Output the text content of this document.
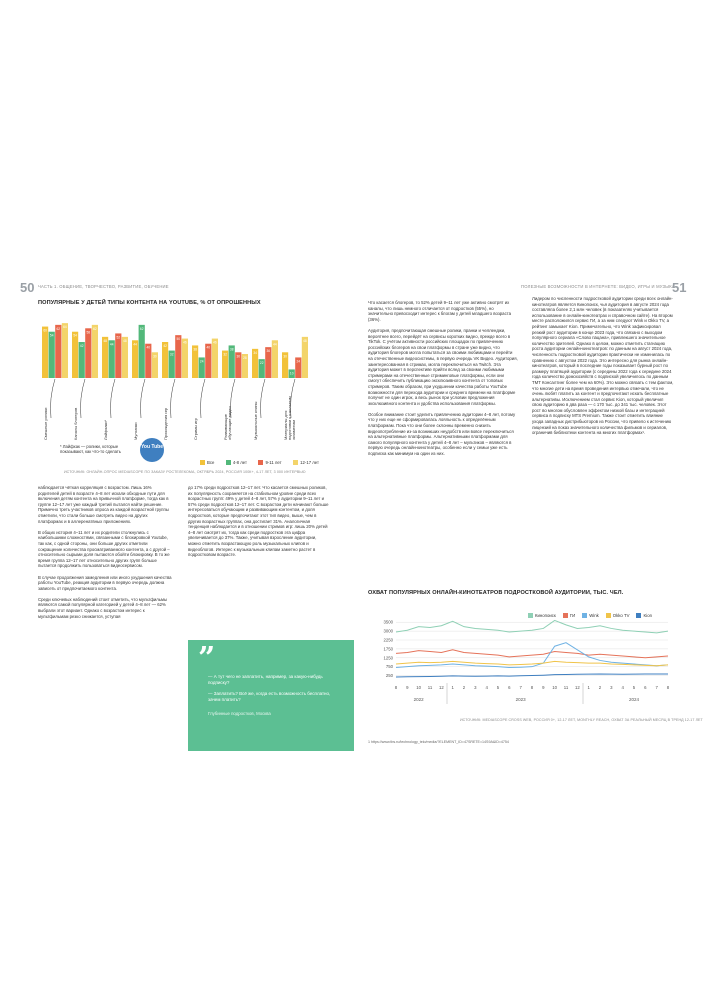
50 ЧАСТЬ 1. ОБЩЕНИЕ, ТВОРЧЕСТВО, РАЗВИТИЕ, ОБУЧЕНИЕ	ПОЛЕЗНЫЕ ВОЗМОЖНОСТИ В ИНТЕРНЕТЕ: ВИДЕО, ИГРЫ И МУЗЫКА
51
ПОПУЛЯРНЫЕ У ДЕТЕЙ ТИПЫ КОНТЕНТА НА YOUTUBE, % ОТ ОПРОШЕННЫХ
60
54
62 64
54
42
58
62
48
44
52
48
44
62
40
30
42
32
50
46
38
24
40
46
32
38
30 28
34
22
36
44
30
10
24
48
Смешные ролики	Каналы блогеров	Лайфхаки*	Мультики	Прохождения игр	Стримы игр	Развивающие обучающие видео	Музыкальные клипы	Материалы для подготовки к школьным экзаменам
You Tube
Все
	4-8 лет
	9-11 лет
	12-17 лет
* Лайфхак — ролики, которые показывают, как что-то сделать
ИСТОЧНИК: ОНЛАЙН-ОПРОС MEDIASCOPE ПО ЗАКАЗУ РОСТЕЛЕКОМА, ОКТЯБРЬ 2024, РОССИЯ 100К+, 4-17 ЛЕТ, 3 000 ИНТЕРВЬЮ

наблюдается чёткая корреляция с возрастом. Лишь 16% родителей детей в возрасте 4–8 лет искали обходные пути для включения детям контента на привычной платформе, тогда как в группе 12–17 лет уже каждый третий пытался найти решение. Примечно треть участников опроса из каждой возрастной группы отметили, что стали больше смотреть видео на других платформах и в аллеренатвных приложениях.

В общих история 4–11 лет и их родители столкнулись с наибольшими сложностями, связанными с блокировкой Youtube, так как, с одной стороны, они больше других отметили сокращение количества просматриваемого контента, а с другой – относительно сырыми доля пытаются обойти блокировку. В то же время группа 12–17 лет относительно других групп больше пытается продолжить пользоваться видеосервисом.

В случае продолжения замедления или иного ухудшения качества работы YouTube, реакция аудитории в первую очередь должна зависеть от предпочитаемого контента.

Среди ключевых наблюдений стоит отметить, что мультфильмы являются самой популярной категорией у детей 4–8 лет — 62% выбрали этот вариант. Однако с возрастом интерес к мультфильмам резко снижается, уступая

до 17% среди подростков 12–17 лет. Что касается смешных роликов, их популярность сохраняется на стабильном уровне среди всех возрастных групп: 49% у детей 4–8 лет, 57% у аудитории 9–11 лет и 57% среди подростков 12–17 лет. С возрастом дети начинают больше интересоваться обучающим и развивающим контентом, и доля подростков, которые предпочитают этот тип видео, выше, чем в других возрастных группах, она достигает 31%. Аналогичная тенденция наблюдается и в отношении стримов игр: лишь 20% детей 4–8 лет смотрят их, тогда как среди подростков эта цифра увеличивается до 37%. Также, учитывая взросление аудитории, можно отметить возрастающую роль музыкальных клипов и видеоблогов. Интерес к музыкальным клипам заметно растет в подростковом возрасте.

”
— А тут чего не заплатить, например, за какую-нибудь подписку?
— Заплатить? Всё же, когда есть возможность бесплатно, зачем платить?
Глубинные подростков, Москва

Что касается блогеров, то 52% детей 9–11 лет уже активно смотрят их каналы, что лишь немного отличается от подростков (55%), но значительно превосходит интерес к блогам у детей младшего возраста (36%).

Аудитория, предпочитающая смешные ролики, пранки и челленджи, вероятнее всего, перейдёт на сервисы коротких видео, прежде всего в TikTok. С учётом активности российских площадок по привлечению российских блогеров на свои платформы в стране уже видно, что аудитория блогеров могла попытаться за своими любимцами и перейти на отечественные видеосистемы, в первую очередь VK Видео. Аудитория, заинтересованная в стримах, могла переключиться на Twitch. Эта аудитория может в перспективе прийти вслед за своими любимыми стримерами на отечественные стриминговые платформы, если они смогут обеспечить публикацию эксклюзивного контента от топовых стримеров. Таким образом, при ухудшении качества работы YouTube возможности для перехода аудитории и среднего времени на платформе получит не один игрок, а весь рынок при условии предложения эксклюзивного контента и удобства использования платформы.

Особое внимание стоит уделить привлечению аудитории 4–8 лет, потому что у них еще не сформировалась лояльность к определённым платформам. Пока что они более склонны временно снизить видеопотребление из-за возникших неудобств или вовсе переключиться на альтернативные платформы. Альтернативными платформами для самого популярного контента у детей 4–8 лет – мультиков – являются в первую очередь онлайн-кинотеатры, особенно если у семьи уже есть подписка как минимум на один из них.

Лидером по численности подростковой аудитории среди всех онлайн-кинотеатров является Кинопоиск, чья аудитория в августе 2024 года составляла более 2,1 млн человек (в показателях учитывается использование в онлайн-кинотеатрах и справочном сайте). На втором месте расположился сервис ГИ, а за ним следуют Wink и Okko TV, а рейтинг замыкает Kion. Примечательно, что Wink зафиксировал резкий рост аудитории в конце 2023 года, что связано с выходом популярного сериала «Слово пацана», привлекшего значительное количество зрителей. Однако в целом, можно отметить стагнацию роста аудитории онлайн-кинотеатров: по данным на август 2024 года, численность подростковой аудитории практически не изменилась по сравнению с августом 2022 года. Это интересно для рынка онлайн-кинотеатров, который в последние годы показывает бурный рост по размеру платящей аудитории (с середины 2022 года к середине 2024 года количество домохозяйств с подпиской увеличилось по данным ТМТ Консалтинг более чем на 60%). Это можно связать с тем фактом, что многие дети на время проведения интервью отмечали, что не очень любят платить за контент и предпочитают искать бесплатные альтернативы. Исключением стал сервис Kion, который увеличил свою аудиторию в два раза — с 170 тыс. до 341 тыс. человек. Этот рост во многом обусловлен эффектом низкой базы и интеграцией сервиса в подписку MTS Premium. Также стоит отметить влияние ухода западных дистрибьюторов из России, что привело к истечению лицензий на показ значительного количества фильмов и сериалов, ограничив библиотеки контента на многих платформах¹.

ОХВАТ ПОПУЛЯРНЫХ ОНЛАЙН-КИНОТЕАТРОВ ПОДРОСТКОВОЙ АУДИТОРИИ, ТЫС. ЧЕЛ.
Кинопоиск	ГИ	Wink	Okko TV	Kion
250
750
1250
1750
2250
3000
3500
8 9 10 11 12 1 2 3 4 5 6 7 8 9 10 11 12 1 2 3 4 5 6 7 8
2022	2023	2024
ИСТОЧНИК: MEDIASCOPE CROSS WEB, РОССИЯ 0+, 12-17 ЛЕТ, MONTHLY REACH, ОХВАТ ЗА РЕАЛЬНЫЙ МЕСЯЦ В ТРЕНД 12-17 ЛЕТ
1 https://www.tbs.ru/technology_telo/media/?ELEMENT_ID=47SRETE=14S9A&ID=4754
